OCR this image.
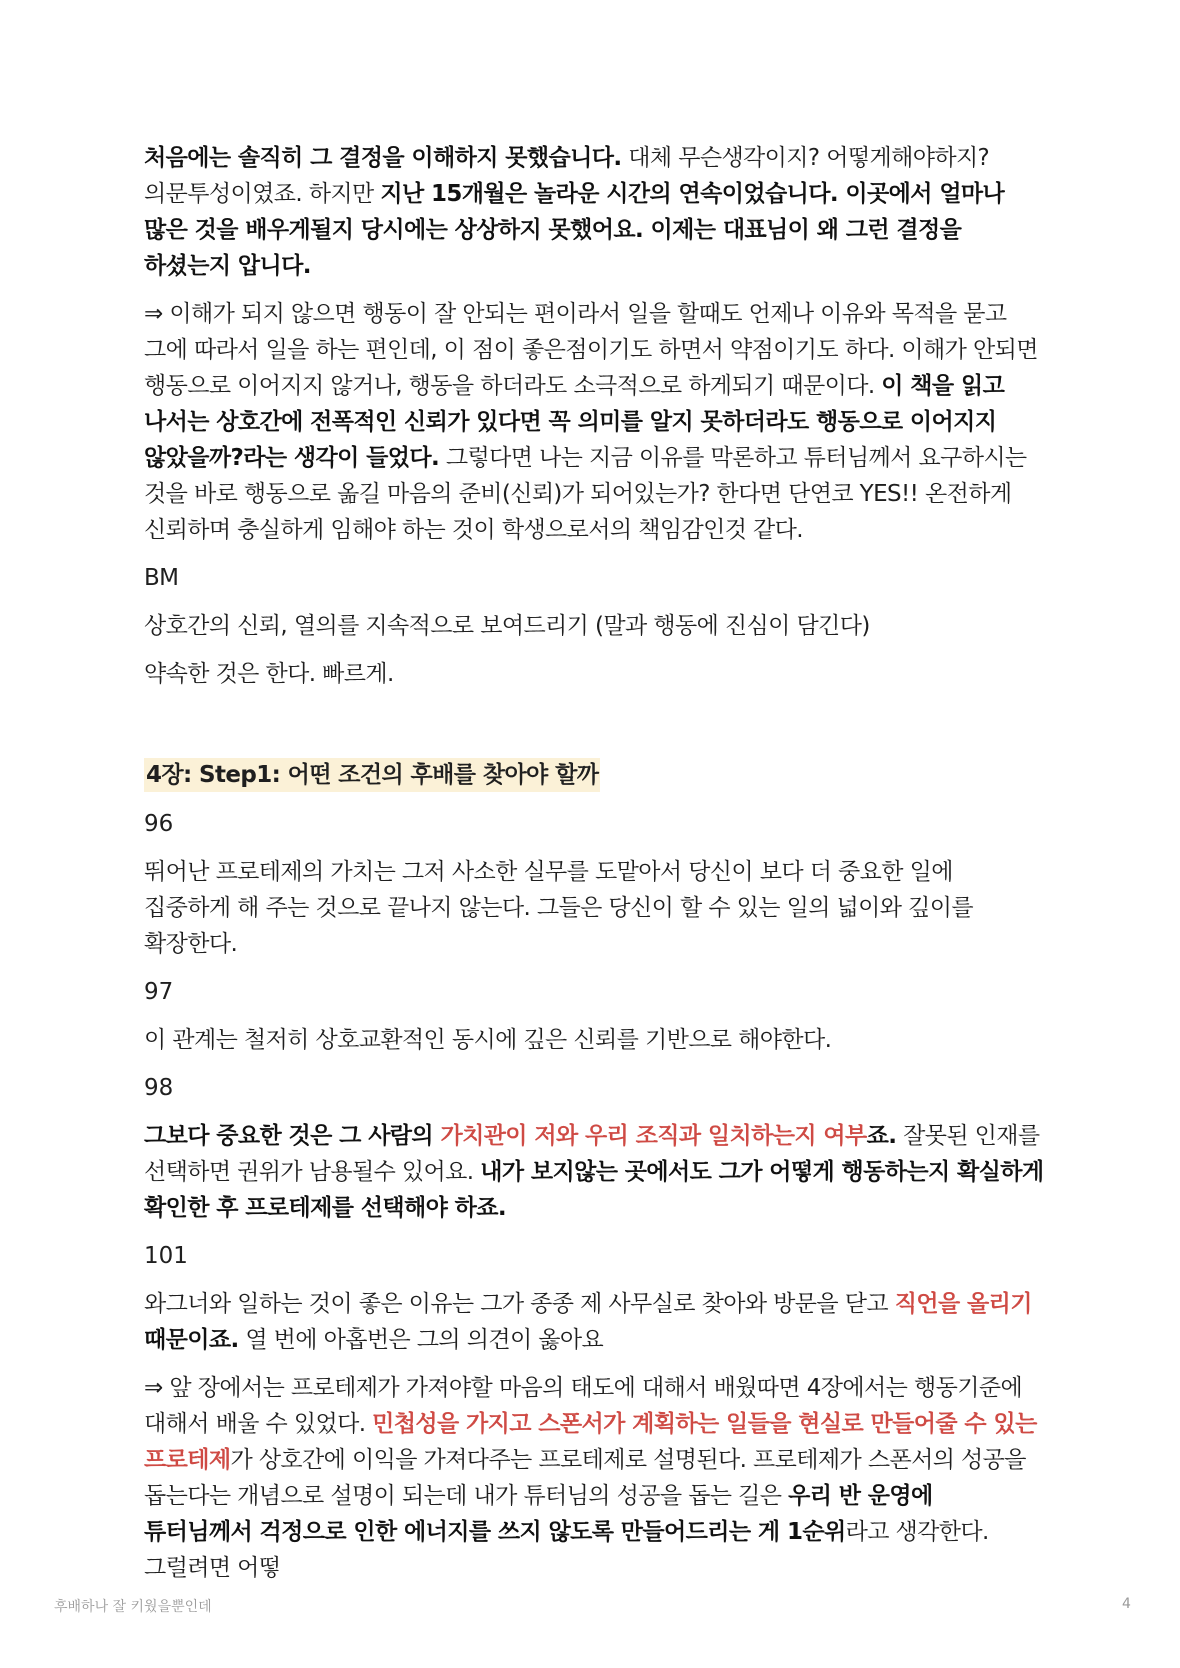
처음에는 솔직히 그 결정을 이해하지 못했습니다. 대체 무슨생각이지? 어떻게해야하지? 의문투성이였죠. 하지만 지난 15개월은 놀라운 시간의 연속이었습니다. 이곳에서 얼마나 많은 것을 배우게될지 당시에는 상상하지 못했어요. 이제는 대표님이 왜 그런 결정을 하셨는지 압니다.

⇒ 이해가 되지 않으면 행동이 잘 안되는 편이라서 일을 할때도 언제나 이유와 목적을 묻고 그에 따라서 일을 하는 편인데, 이 점이 좋은점이기도 하면서 약점이기도 하다. 이해가 안되면 행동으로 이어지지 않거나, 행동을 하더라도 소극적으로 하게되기 때문이다. 이 책을 읽고 나서는 상호간에 전폭적인 신뢰가 있다면 꼭 의미를 알지 못하더라도 행동으로 이어지지 않았을까?라는 생각이 들었다. 그렇다면 나는 지금 이유를 막론하고 튜터님께서 요구하시는 것을 바로 행동으로 옮길 마음의 준비(신뢰)가 되어있는가? 한다면 단연코 YES!! 온전하게 신뢰하며 충실하게 임해야 하는 것이 학생으로서의 책임감인것 같다.

BM

상호간의 신뢰, 열의를 지속적으로 보여드리기 (말과 행동에 진심이 담긴다)

약속한 것은 한다. 빠르게.

4장: Step1: 어떤 조건의 후배를 찾아야 할까

96

뛰어난 프로테제의 가치는 그저 사소한 실무를 도맡아서 당신이 보다 더 중요한 일에 집중하게 해 주는 것으로 끝나지 않는다. 그들은 당신이 할 수 있는 일의 넓이와 깊이를 확장한다.

97

이 관계는 철저히 상호교환적인 동시에 깊은 신뢰를 기반으로 해야한다.

98

그보다 중요한 것은 그 사람의 가치관이 저와 우리 조직과 일치하는지 여부죠. 잘못된 인재를 선택하면 권위가 남용될수 있어요. 내가 보지않는 곳에서도 그가 어떻게 행동하는지 확실하게 확인한 후 프로테제를 선택해야 하죠.

101

와그너와 일하는 것이 좋은 이유는 그가 종종 제 사무실로 찾아와 방문을 닫고 직언을 올리기 때문이죠. 열 번에 아홉번은 그의 의견이 옳아요

⇒ 앞 장에서는 프로테제가 가져야할 마음의 태도에 대해서 배웠따면 4장에서는 행동기준에 대해서 배울 수 있었다. 민첩성을 가지고 스폰서가 계획하는 일들을 현실로 만들어줄 수 있는 프로테제가 상호간에 이익을 가져다주는 프로테제로 설명된다. 프로테제가 스폰서의 성공을 돕는다는 개념으로 설명이 되는데 내가 튜터님의 성공을 돕는 길은 우리 반 운영에 튜터님께서 걱정으로 인한 에너지를 쓰지 않도록 만들어드리는 게 1순위라고 생각한다. 그럴려면 어떻

후배하나 잘 키웠을뿐인데	4
